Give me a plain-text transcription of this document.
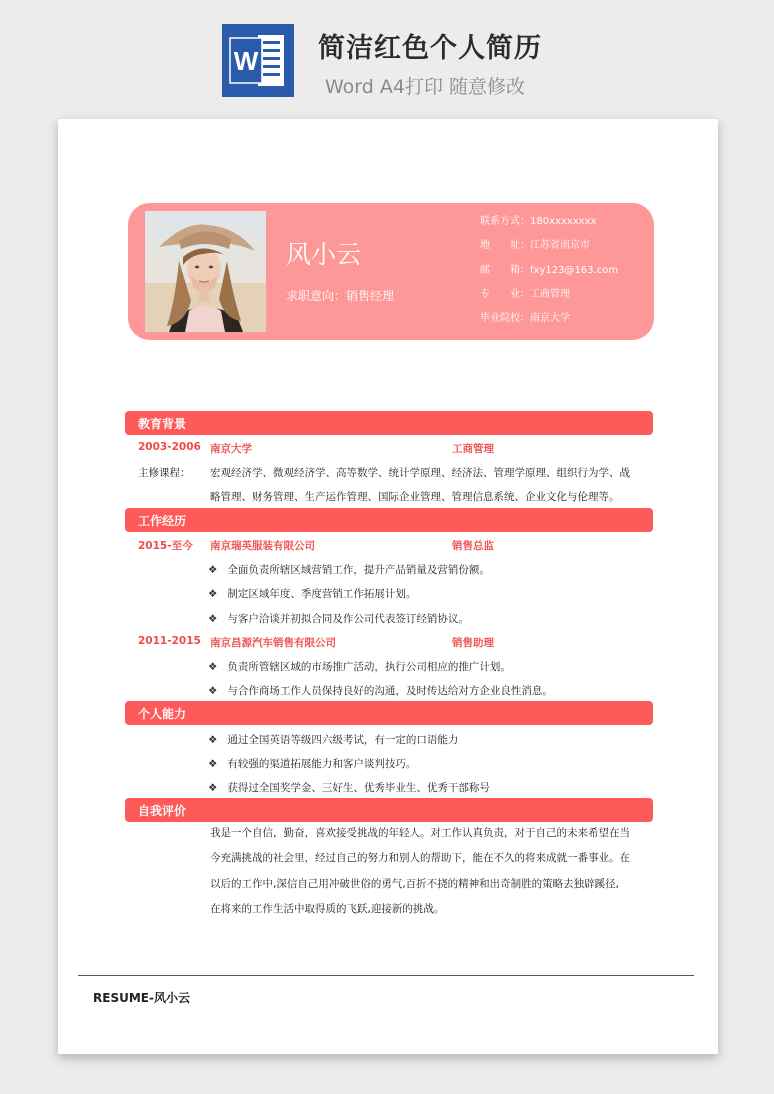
W 简洁红色个人简历
Word A4打印 随意修改
风小云
求职意向：销售经理
联系方式：180xxxxxxxx
地　　址：江苏省南京市
邮　　箱：fxy123@163.com
专　　业：工商管理
毕业院校：南京大学
教育背景
2003-2006 南京大学	工商管理
主修课程： 宏观经济学、微观经济学、高等数学、统计学原理、经济法、管理学原理、组织行为学、战
略管理、财务管理、生产运作管理、国际企业管理、管理信息系统、企业文化与伦理等。
工作经历
2015-至今 南京瑞英服装有限公司	销售总监
❖ 全面负责所辖区域营销工作，提升产品销量及营销份额。
❖ 制定区域年度、季度营销工作拓展计划。
❖ 与客户洽谈并初拟合同及作公司代表签订经销协议。
2011-2015 南京昌源汽车销售有限公司	销售助理
❖ 负责所管辖区域的市场推广活动，执行公司相应的推广计划。
❖ 与合作商场工作人员保持良好的沟通，及时传达给对方企业良性消息。
个人能力
❖ 通过全国英语等级四六级考试，有一定的口语能力
❖ 有较强的渠道拓展能力和客户谈判技巧。
❖ 获得过全国奖学金、三好生、优秀毕业生、优秀干部称号
自我评价
我是一个自信，勤奋，喜欢接受挑战的年轻人。对工作认真负责，对于自己的未来希望在当
今充满挑战的社会里，经过自己的努力和别人的帮助下，能在不久的将来成就一番事业。在
以后的工作中,深信自己用冲破世俗的勇气,百折不挠的精神和出奇制胜的策略去独辟蹊径,
在将来的工作生活中取得质的飞跃,迎接新的挑战。
RESUME-风小云
